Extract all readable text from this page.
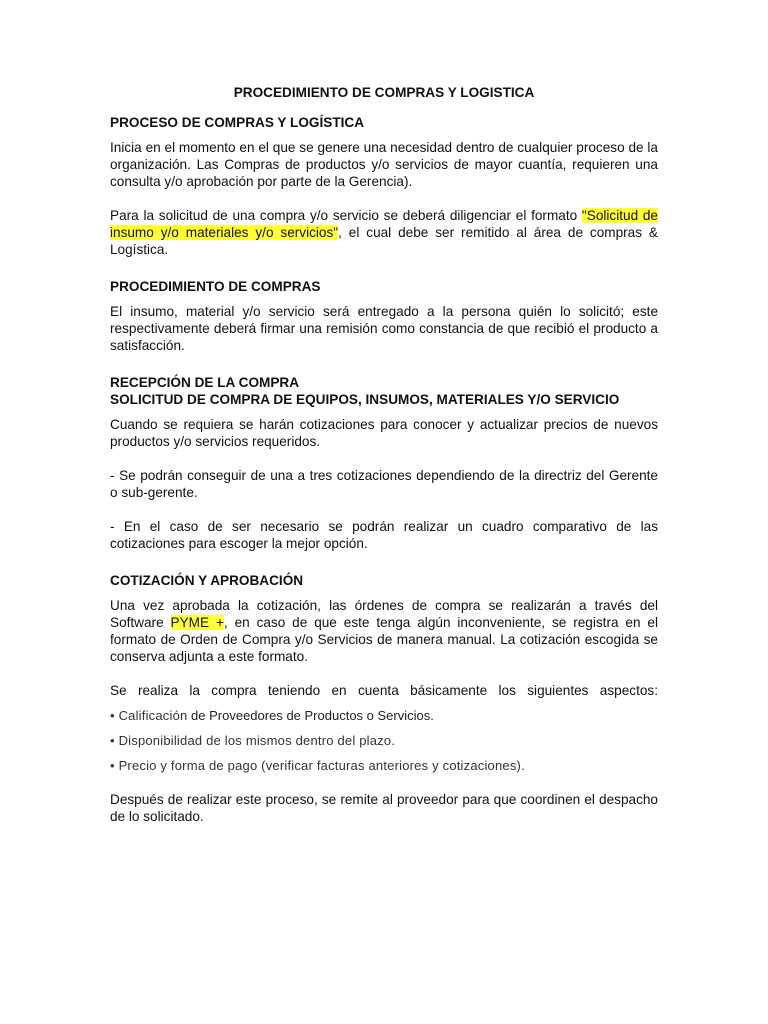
PROCEDIMIENTO DE COMPRAS Y LOGISTICA
PROCESO DE COMPRAS Y LOGÍSTICA

Inicia en el momento en el que se genere una necesidad dentro de cualquier proceso de la organización. Las Compras de productos y/o servicios de mayor cuantía, requieren una consulta y/o aprobación por parte de la Gerencia).

Para la solicitud de una compra y/o servicio se deberá diligenciar el formato "Solicitud de insumo y/o materiales y/o servicios", el cual debe ser remitido al área de compras & Logística.

PROCEDIMIENTO DE COMPRAS

El insumo, material y/o servicio será entregado a la persona quién lo solicitó; este respectivamente deberá firmar una remisión como constancia de que recibió el producto a satisfacción.

RECEPCIÓN DE LA COMPRA
SOLICITUD DE COMPRA DE EQUIPOS, INSUMOS, MATERIALES Y/O SERVICIO

Cuando se requiera se harán cotizaciones para conocer y actualizar precios de nuevos productos y/o servicios requeridos.

- Se podrán conseguir de una a tres cotizaciones dependiendo de la directriz del Gerente o sub-gerente.

- En el caso de ser necesario se podrán realizar un cuadro comparativo de las cotizaciones para escoger la mejor opción.

COTIZACIÓN Y APROBACIÓN

Una vez aprobada la cotización, las órdenes de compra se realizarán a través del Software PYME +, en caso de que este tenga algún inconveniente, se registra en el formato de Orden de Compra y/o Servicios de manera manual. La cotización escogida se conserva adjunta a este formato.

Se realiza la compra teniendo en cuenta básicamente los siguientes aspectos:

• Calificación de Proveedores de Productos o Servicios.
• Disponibilidad de los mismos dentro del plazo.
• Precio y forma de pago (verificar facturas anteriores y cotizaciones).

Después de realizar este proceso, se remite al proveedor para que coordinen el despacho de lo solicitado.
